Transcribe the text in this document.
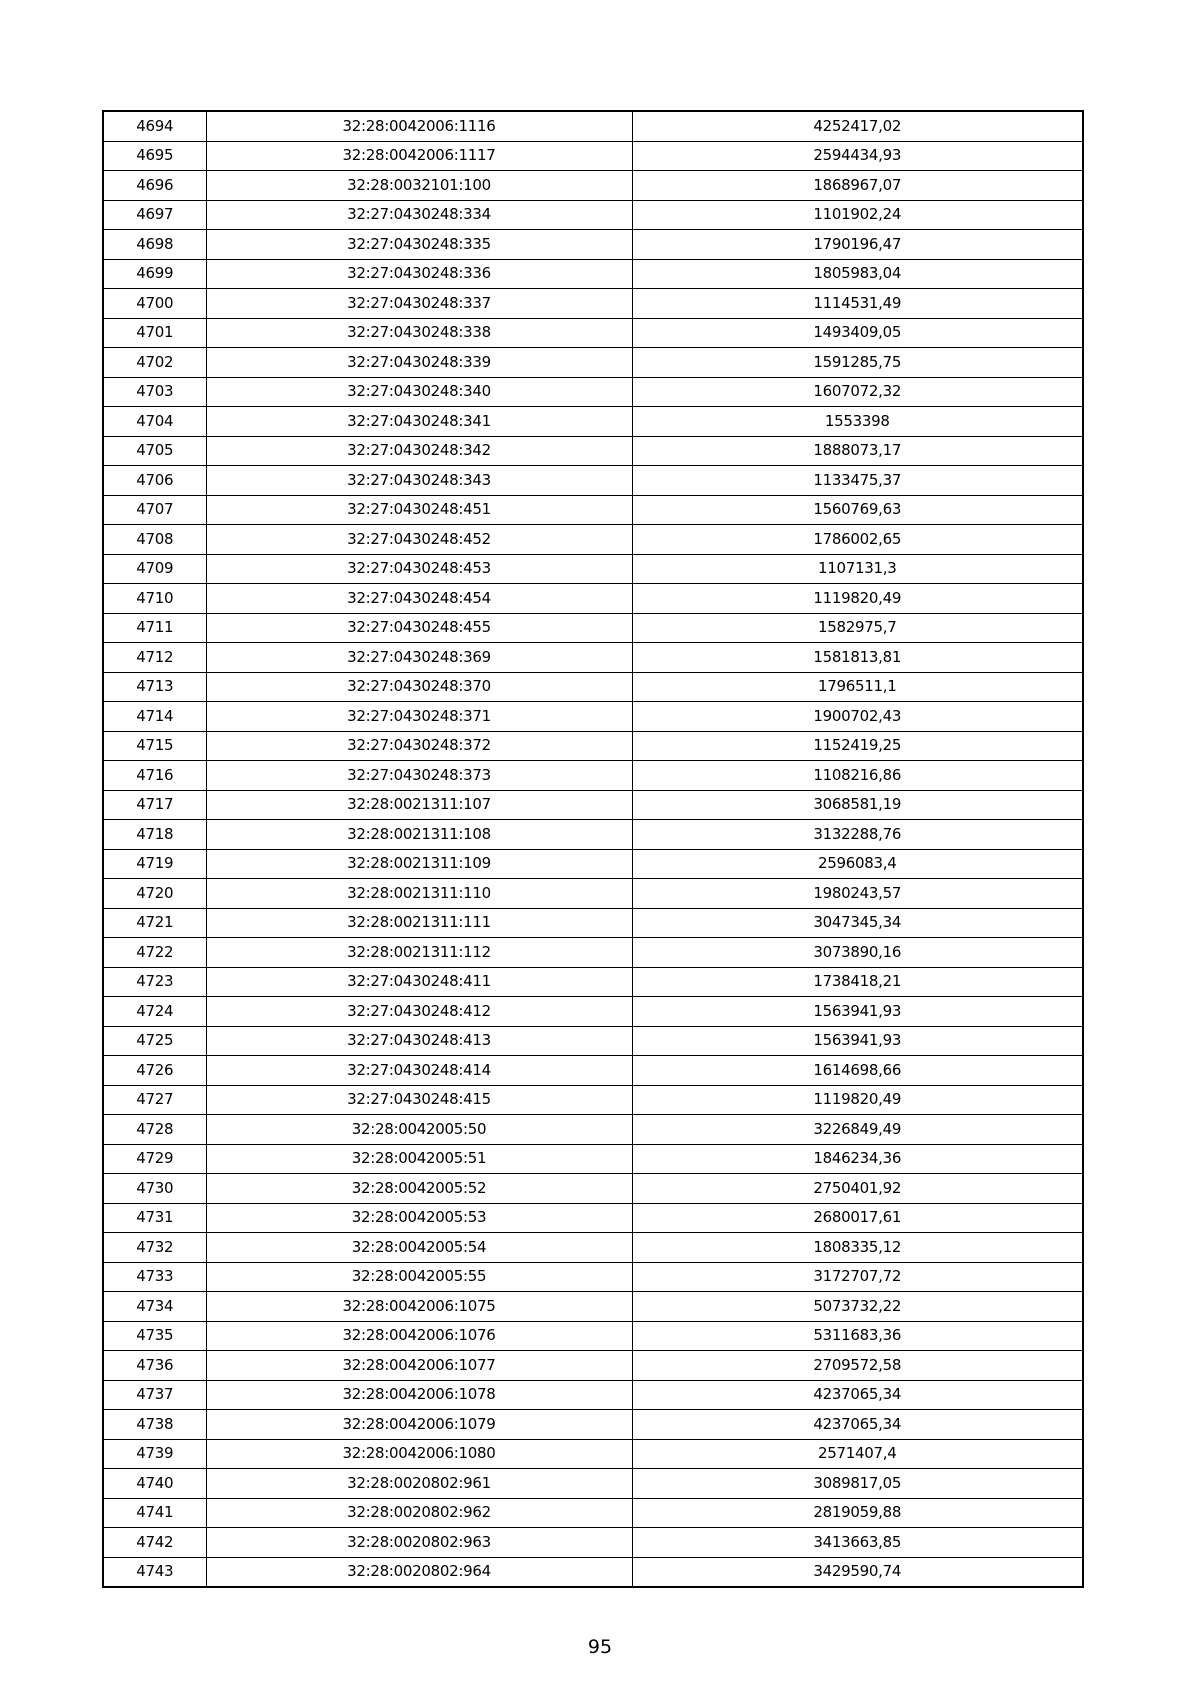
4694	32:28:0042006:1116	4252417,02
4695	32:28:0042006:1117	2594434,93
4696	32:28:0032101:100	1868967,07
4697	32:27:0430248:334	1101902,24
4698	32:27:0430248:335	1790196,47
4699	32:27:0430248:336	1805983,04
4700	32:27:0430248:337	1114531,49
4701	32:27:0430248:338	1493409,05
4702	32:27:0430248:339	1591285,75
4703	32:27:0430248:340	1607072,32
4704	32:27:0430248:341	1553398
4705	32:27:0430248:342	1888073,17
4706	32:27:0430248:343	1133475,37
4707	32:27:0430248:451	1560769,63
4708	32:27:0430248:452	1786002,65
4709	32:27:0430248:453	1107131,3
4710	32:27:0430248:454	1119820,49
4711	32:27:0430248:455	1582975,7
4712	32:27:0430248:369	1581813,81
4713	32:27:0430248:370	1796511,1
4714	32:27:0430248:371	1900702,43
4715	32:27:0430248:372	1152419,25
4716	32:27:0430248:373	1108216,86
4717	32:28:0021311:107	3068581,19
4718	32:28:0021311:108	3132288,76
4719	32:28:0021311:109	2596083,4
4720	32:28:0021311:110	1980243,57
4721	32:28:0021311:111	3047345,34
4722	32:28:0021311:112	3073890,16
4723	32:27:0430248:411	1738418,21
4724	32:27:0430248:412	1563941,93
4725	32:27:0430248:413	1563941,93
4726	32:27:0430248:414	1614698,66
4727	32:27:0430248:415	1119820,49
4728	32:28:0042005:50	3226849,49
4729	32:28:0042005:51	1846234,36
4730	32:28:0042005:52	2750401,92
4731	32:28:0042005:53	2680017,61
4732	32:28:0042005:54	1808335,12
4733	32:28:0042005:55	3172707,72
4734	32:28:0042006:1075	5073732,22
4735	32:28:0042006:1076	5311683,36
4736	32:28:0042006:1077	2709572,58
4737	32:28:0042006:1078	4237065,34
4738	32:28:0042006:1079	4237065,34
4739	32:28:0042006:1080	2571407,4
4740	32:28:0020802:961	3089817,05
4741	32:28:0020802:962	2819059,88
4742	32:28:0020802:963	3413663,85
4743	32:28:0020802:964	3429590,74
95
